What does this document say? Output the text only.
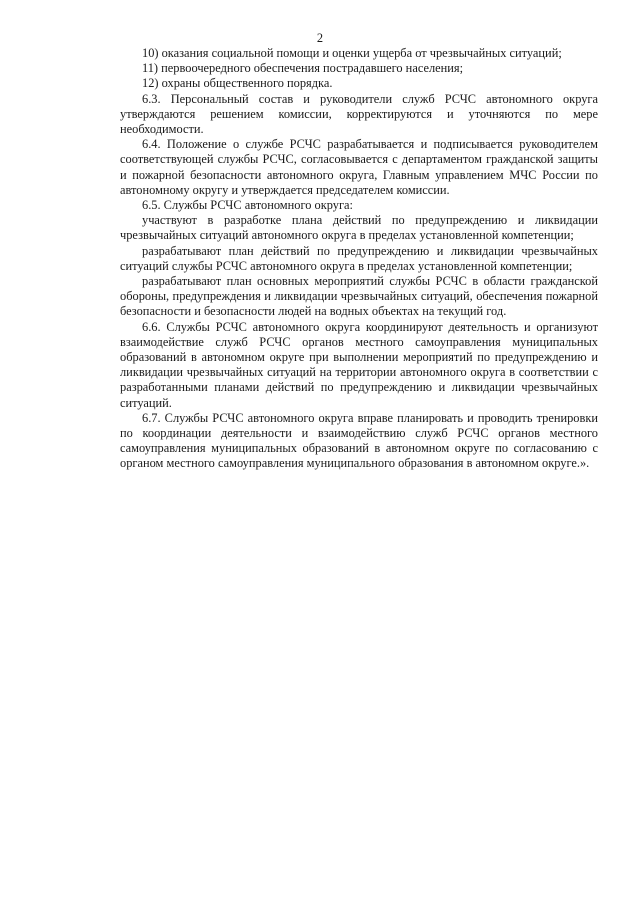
2

10) оказания социальной помощи и оценки ущерба от чрезвычайных ситуаций;

11) первоочередного обеспечения пострадавшего населения;

12) охраны общественного порядка.

6.3. Персональный состав и руководители служб РСЧС автономного округа утверждаются решением комиссии, корректируются и уточняются по мере необходимости.

6.4. Положение о службе РСЧС разрабатывается и подписывается руководителем соответствующей службы РСЧС, согласовывается с департаментом гражданской защиты и пожарной безопасности автономного округа, Главным управлением МЧС России по автономному округу и утверждается председателем комиссии.

6.5. Службы РСЧС автономного округа:

участвуют в разработке плана действий по предупреждению и ликвидации чрезвычайных ситуаций автономного округа в пределах установленной компетенции;

разрабатывают план действий по предупреждению и ликвидации чрезвычайных ситуаций службы РСЧС автономного округа в пределах установленной компетенции;

разрабатывают план основных мероприятий службы РСЧС в области гражданской обороны, предупреждения и ликвидации чрезвычайных ситуаций, обеспечения пожарной безопасности и безопасности людей на водных объектах на текущий год.

6.6. Службы РСЧС автономного округа координируют деятельность и организуют взаимодействие служб РСЧС органов местного самоуправления муниципальных образований в автономном округе при выполнении мероприятий по предупреждению и ликвидации чрезвычайных ситуаций на территории автономного округа в соответствии с разработанными планами действий по предупреждению и ликвидации чрезвычайных ситуаций.

6.7. Службы РСЧС автономного округа вправе планировать и проводить тренировки по координации деятельности и взаимодействию служб РСЧС органов местного самоуправления муниципальных образований в автономном округе по согласованию с органом местного самоуправления муниципального образования в автономном округе.».
